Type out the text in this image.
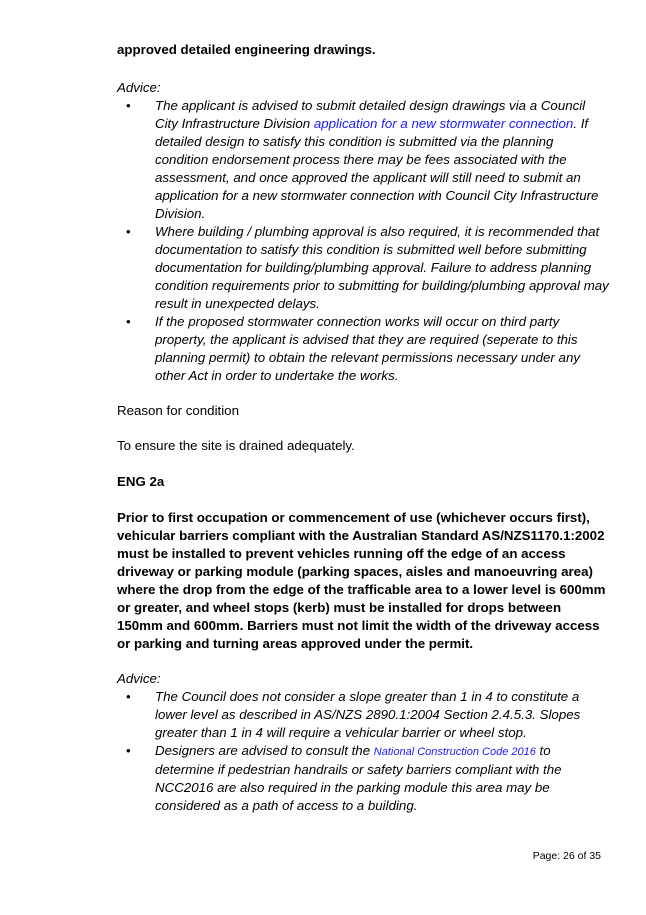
approved detailed engineering drawings.

Advice:

• The applicant is advised to submit detailed design drawings via a Council City Infrastructure Division application for a new stormwater connection. If detailed design to satisfy this condition is submitted via the planning condition endorsement process there may be fees associated with the assessment, and once approved the applicant will still need to submit an application for a new stormwater connection with Council City Infrastructure Division.
• Where building / plumbing approval is also required, it is recommended that documentation to satisfy this condition is submitted well before submitting documentation for building/plumbing approval. Failure to address planning condition requirements prior to submitting for building/plumbing approval may result in unexpected delays.
• If the proposed stormwater connection works will occur on third party property, the applicant is advised that they are required (seperate to this planning permit) to obtain the relevant permissions necessary under any other Act in order to undertake the works.

Reason for condition

To ensure the site is drained adequately.

ENG 2a

Prior to first occupation or commencement of use (whichever occurs first), vehicular barriers compliant with the Australian Standard AS/NZS1170.1:2002 must be installed to prevent vehicles running off the edge of an access driveway or parking module (parking spaces, aisles and manoeuvring area) where the drop from the edge of the trafficable area to a lower level is 600mm or greater, and wheel stops (kerb) must be installed for drops between 150mm and 600mm. Barriers must not limit the width of the driveway access or parking and turning areas approved under the permit.

Advice:

• The Council does not consider a slope greater than 1 in 4 to constitute a lower level as described in AS/NZS 2890.1:2004 Section 2.4.5.3. Slopes greater than 1 in 4 will require a vehicular barrier or wheel stop.
• Designers are advised to consult the National Construction Code 2016 to determine if pedestrian handrails or safety barriers compliant with the NCC2016 are also required in the parking module this area may be considered as a path of access to a building.
Page: 26 of 35
